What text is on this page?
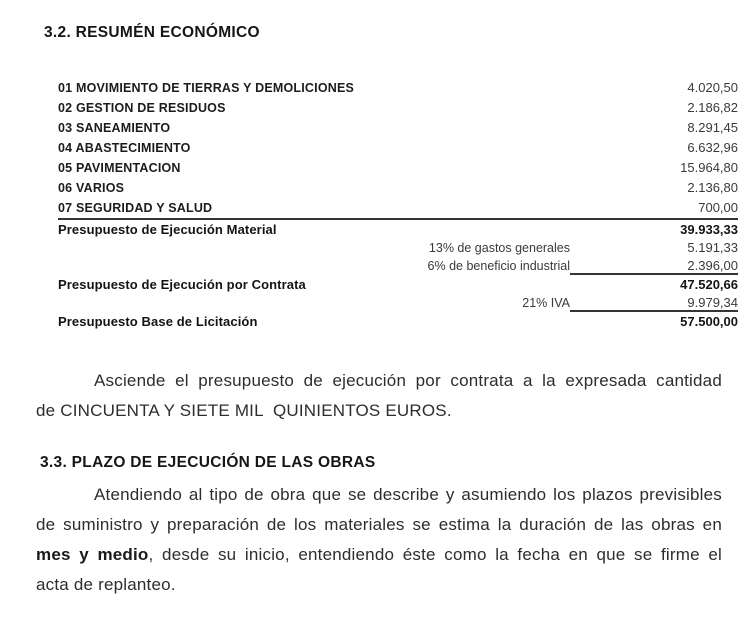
3.2. RESUMÉN ECONÓMICO
01 MOVIMIENTO DE TIERRAS Y DEMOLICIONES	4.020,50
02 GESTION DE RESIDUOS	2.186,82
03 SANEAMIENTO	8.291,45
04 ABASTECIMIENTO	6.632,96
05 PAVIMENTACION	15.964,80
06 VARIOS	2.136,80
07 SEGURIDAD Y SALUD	700,00
Presupuesto de Ejecución Material	39.933,33
13% de gastos generales	5.191,33
6% de beneficio industrial	2.396,00
Presupuesto de Ejecución por Contrata	47.520,66
21% IVA	9.979,34
Presupuesto Base de Licitación	57.500,00
Asciende el presupuesto de ejecución por contrata a la expresada cantidad
de CINCUENTA Y SIETE MIL  QUINIENTOS EUROS.
3.3. PLAZO DE EJECUCIÓN DE LAS OBRAS
Atendiendo al tipo de obra que se describe y asumiendo los plazos previsibles
de suministro y preparación de los materiales se estima la duración de las obras en
mes y medio, desde su inicio, entendiendo éste como la fecha en que se firme el
acta de replanteo.
